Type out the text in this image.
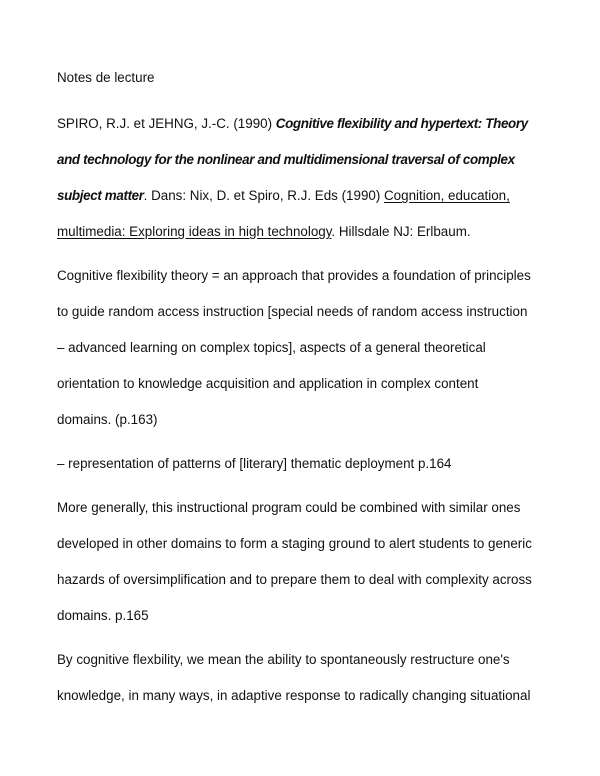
Notes de lecture
SPIRO, R.J. et JEHNG, J.-C. (1990) Cognitive flexibility and hypertext: Theory
and technology for the nonlinear and multidimensional traversal of complex
subject matter. Dans: Nix, D. et Spiro, R.J. Eds (1990) Cognition, education,
multimedia: Exploring ideas in high technology. Hillsdale NJ: Erlbaum.
Cognitive flexibility theory = an approach that provides a foundation of principles
to guide random access instruction [special needs of random access instruction
– advanced learning on complex topics], aspects of a general theoretical
orientation to knowledge acquisition and application in complex content
domains. (p.163)
– representation of patterns of [literary] thematic deployment p.164
More generally, this instructional program could be combined with similar ones
developed in other domains to form a staging ground to alert students to generic
hazards of oversimplification and to prepare them to deal with complexity across
domains. p.165
By cognitive flexbility, we mean the ability to spontaneously restructure one's
knowledge, in many ways, in adaptive response to radically changing situational
